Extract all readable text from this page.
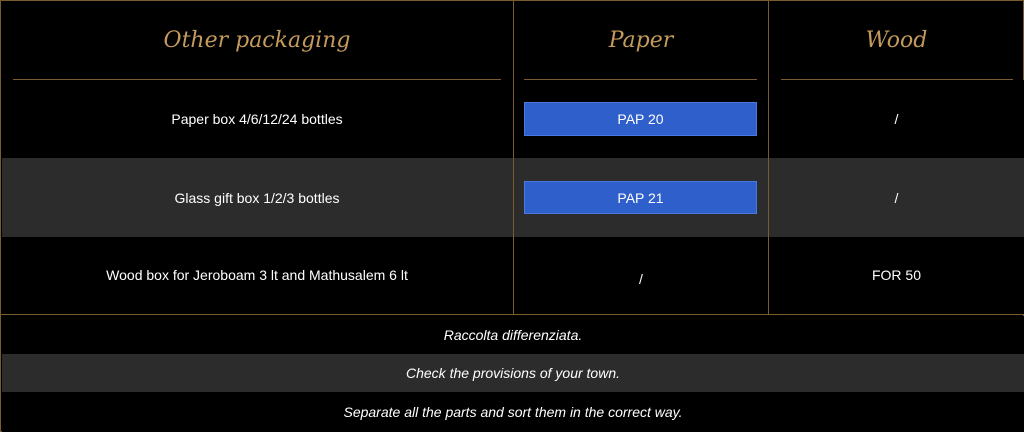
Other packaging	Paper	Wood
Paper box 4/6/12/24 bottles	PAP 20	/
Glass gift box 1/2/3 bottles	PAP 21	/
Wood box for Jeroboam 3 lt and Mathusalem 6 lt	/	FOR 50
Raccolta differenziata.
Check the provisions of your town.
Separate all the parts and sort them in the correct way.
